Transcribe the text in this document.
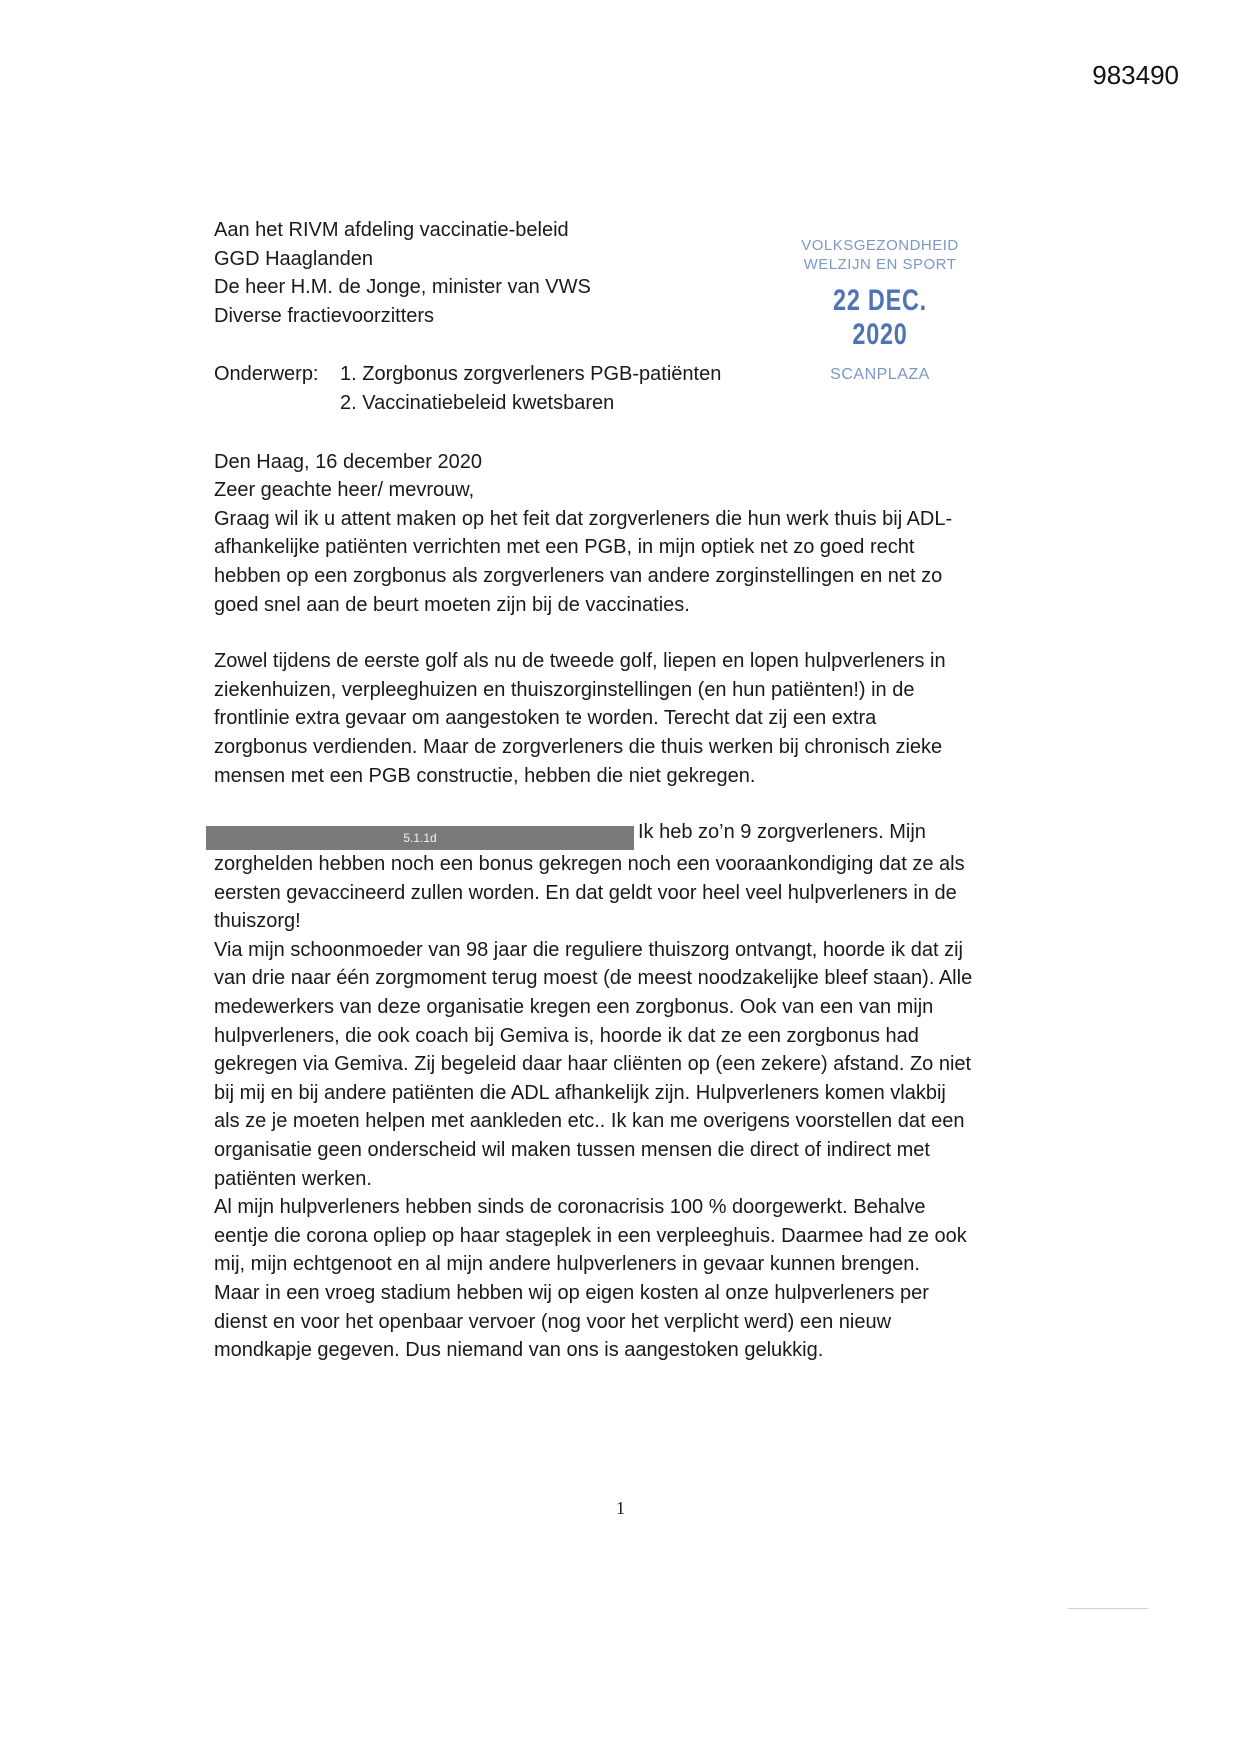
983490
VOLKSGEZONDHEID
WELZIJN EN SPORT
22 DEC. 2020
SCANPLAZA

Aan het RIVM afdeling vaccinatie-beleid

GGD Haaglanden

De heer H.M. de Jonge, minister van VWS

Diverse fractievoorzitters

Onderwerp:	1. Zorgbonus zorgverleners PGB-patiënten
2. Vaccinatiebeleid kwetsbaren

Den Haag, 16 december 2020

Zeer geachte heer/ mevrouw,

Graag wil ik u attent maken op het feit dat zorgverleners die hun werk thuis bij ADL-

afhankelijke patiënten verrichten met een PGB, in mijn optiek net zo goed recht

hebben op een zorgbonus als zorgverleners van andere zorginstellingen en net zo

goed snel aan de beurt moeten zijn bij de vaccinaties.

Zowel tijdens de eerste golf als nu de tweede golf, liepen en lopen hulpverleners in

ziekenhuizen, verpleeghuizen en thuiszorginstellingen (en hun patiënten!) in de

frontlinie extra gevaar om aangestoken te worden. Terecht dat zij een extra

zorgbonus verdienden. Maar de zorgverleners die thuis werken bij chronisch zieke

mensen met een PGB constructie, hebben die niet gekregen.

5.1.1d	Ik heb zo’n 9 zorgverleners. Mijn

zorghelden hebben noch een bonus gekregen noch een vooraankondiging dat ze als

eersten gevaccineerd zullen worden. En dat geldt voor heel veel hulpverleners in de

thuiszorg!

Via mijn schoonmoeder van 98 jaar die reguliere thuiszorg ontvangt, hoorde ik dat zij

van drie naar één zorgmoment terug moest (de meest noodzakelijke bleef staan). Alle

medewerkers van deze organisatie kregen een zorgbonus. Ook van een van mijn

hulpverleners, die ook coach bij Gemiva is, hoorde ik dat ze een zorgbonus had

gekregen via Gemiva. Zij begeleid daar haar cliënten op (een zekere) afstand. Zo niet

bij mij en bij andere patiënten die ADL afhankelijk zijn. Hulpverleners komen vlakbij

als ze je moeten helpen met aankleden etc.. Ik kan me overigens voorstellen dat een

organisatie geen onderscheid wil maken tussen mensen die direct of indirect met

patiënten werken.

Al mijn hulpverleners hebben sinds de coronacrisis 100 % doorgewerkt. Behalve

eentje die corona opliep op haar stageplek in een verpleeghuis. Daarmee had ze ook

mij, mijn echtgenoot en al mijn andere hulpverleners in gevaar kunnen brengen.

Maar in een vroeg stadium hebben wij op eigen kosten al onze hulpverleners per

dienst en voor het openbaar vervoer (nog voor het verplicht werd) een nieuw

mondkapje gegeven. Dus niemand van ons is aangestoken gelukkig.

1
